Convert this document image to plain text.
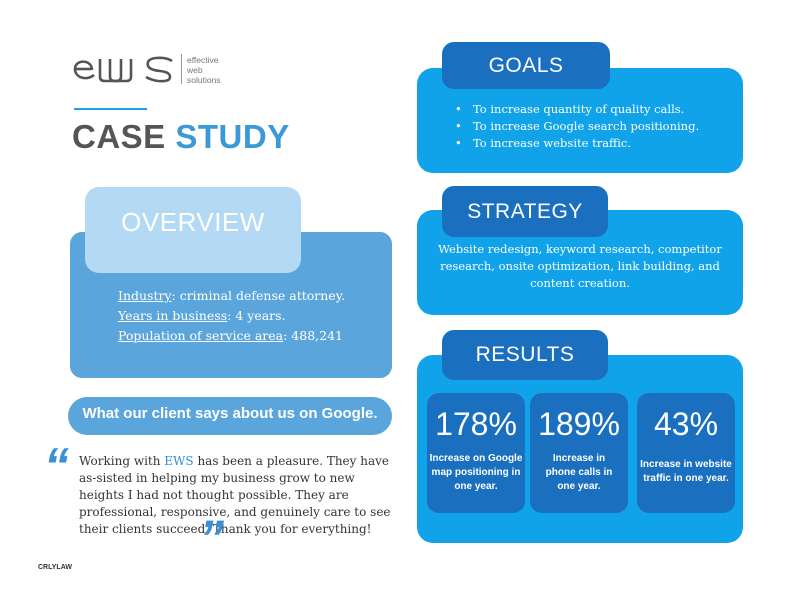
effective
web
solutions
CASE STUDY
OVERVIEW
Industry: criminal defense attorney.
Years in business: 4 years.
Population of service area: 488,241
What our client says about us on Google.
“ Working with EWS has been a pleasure. They have as-sisted in helping my business grow to new heights I had not thought possible. They are professional, responsive, and genuinely care to see their clients succeed. Thank you for everything!
”
CRLYLAW
GOALS
• To increase quantity of quality calls.
• To increase Google search positioning.
• To increase website traffic.
STRATEGY
Website redesign, keyword research, competitor research, onsite optimization, link building, and content creation.
RESULTS
178%
Increase on Google map positioning in one year.
189%
Increase in phone calls in one year.
43%
Increase in website traffic in one year.
